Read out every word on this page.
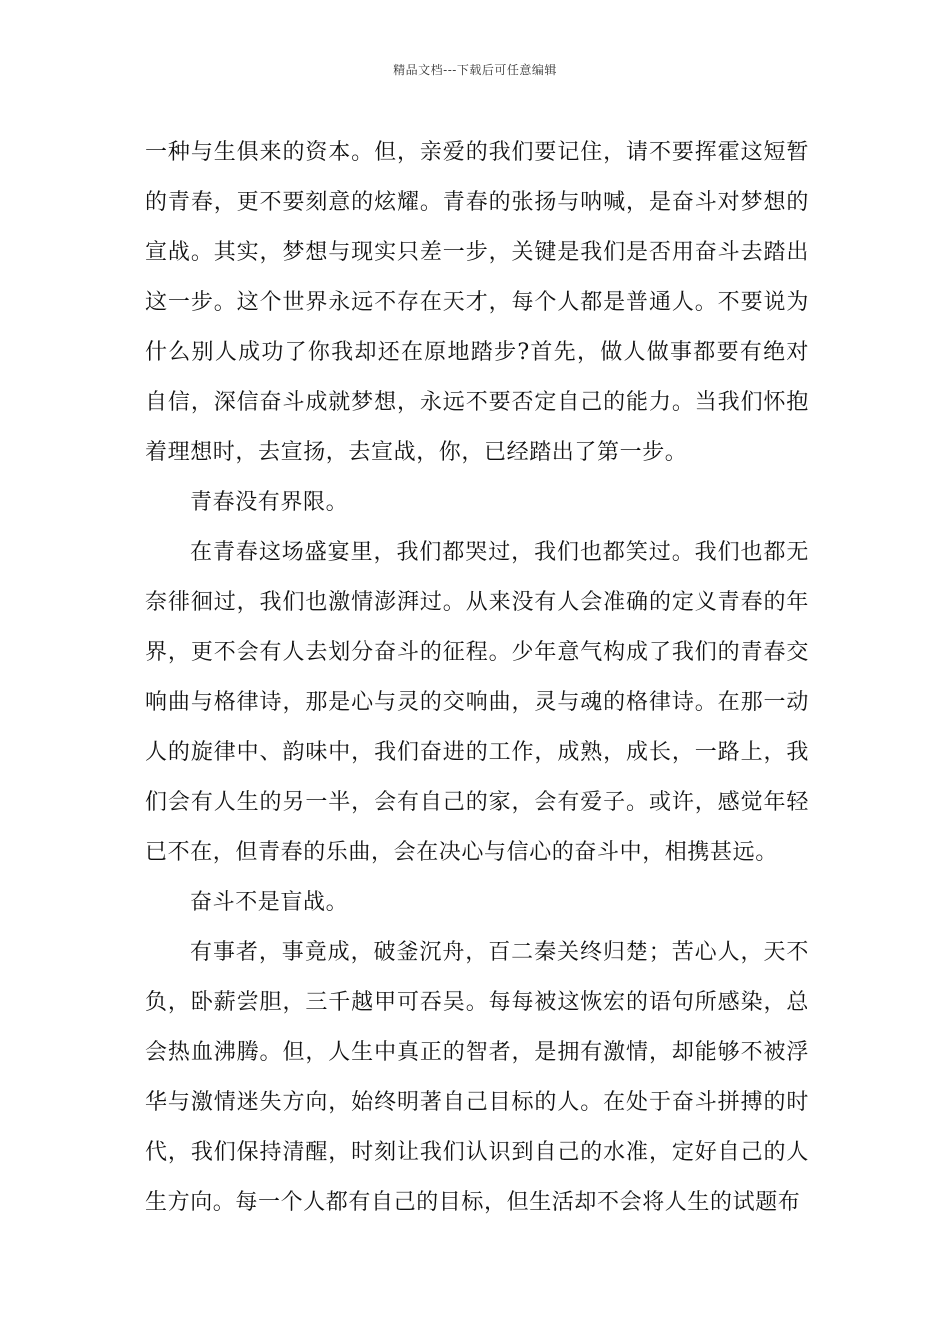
精品文档---下载后可任意编辑

一种与生俱来的资本。但，亲爱的我们要记住，请不要挥霍这短暂的青春，更不要刻意的炫耀。青春的张扬与呐喊，是奋斗对梦想的宣战。其实，梦想与现实只差一步，关键是我们是否用奋斗去踏出这一步。这个世界永远不存在天才，每个人都是普通人。不要说为什么别人成功了你我却还在原地踏步?首先，做人做事都要有绝对自信，深信奋斗成就梦想，永远不要否定自己的能力。当我们怀抱着理想时，去宣扬，去宣战，你，已经踏出了第一步。

青春没有界限。

在青春这场盛宴里，我们都哭过，我们也都笑过。我们也都无奈徘徊过，我们也激情澎湃过。从来没有人会准确的定义青春的年界，更不会有人去划分奋斗的征程。少年意气构成了我们的青春交响曲与格律诗，那是心与灵的交响曲，灵与魂的格律诗。在那一动人的旋律中、韵味中，我们奋进的工作，成熟，成长，一路上，我们会有人生的另一半，会有自己的家，会有爱子。或许，感觉年轻已不在，但青春的乐曲，会在决心与信心的奋斗中，相携甚远。

奋斗不是盲战。

有事者，事竟成，破釜沉舟，百二秦关终归楚；苦心人，天不负，卧薪尝胆，三千越甲可吞吴。每每被这恢宏的语句所感染，总会热血沸腾。但，人生中真正的智者，是拥有激情，却能够不被浮华与激情迷失方向，始终明著自己目标的人。在处于奋斗拼搏的时代，我们保持清醒，时刻让我们认识到自己的水准，定好自己的人生方向。每一个人都有自己的目标，但生活却不会将人生的试题布
